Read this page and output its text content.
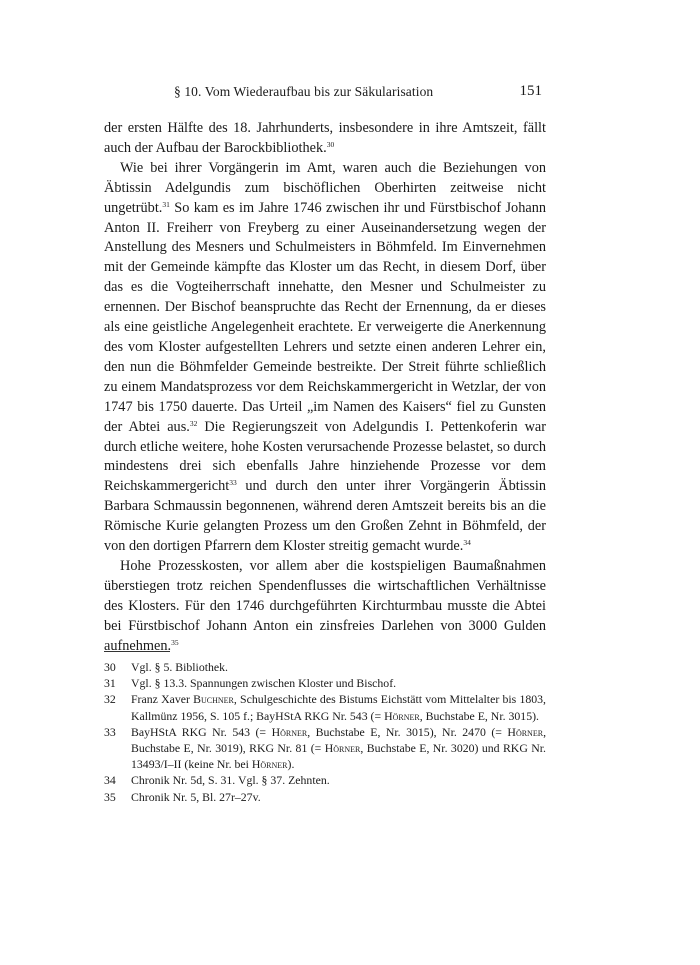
§ 10. Vom Wiederaufbau bis zur Säkularisation	151

der ersten Hälfte des 18. Jahrhunderts, insbesondere in ihre Amtszeit, fällt auch der Aufbau der Barockbibliothek.$^{30}$

Wie bei ihrer Vorgängerin im Amt, waren auch die Beziehungen von Äbtissin Adelgundis zum bischöflichen Oberhirten zeitweise nicht ungetrübt.$^{31}$ So kam es im Jahre 1746 zwischen ihr und Fürstbischof Johann Anton II. Freiherr von Freyberg zu einer Auseinandersetzung wegen der Anstellung des Mesners und Schulmeisters in Böhmfeld. Im Einvernehmen mit der Gemeinde kämpfte das Kloster um das Recht, in diesem Dorf, über das es die Vogteiherrschaft innehatte, den Mesner und Schulmeister zu ernennen. Der Bischof beanspruchte das Recht der Ernennung, da er dieses als eine geistliche Angelegenheit erachtete. Er verweigerte die Anerkennung des vom Kloster aufgestellten Lehrers und setzte einen anderen Lehrer ein, den nun die Böhmfelder Gemeinde bestreikte. Der Streit führte schließlich zu einem Mandatsprozess vor dem Reichskammergericht in Wetzlar, der von 1747 bis 1750 dauerte. Das Urteil „im Namen des Kaisers“ fiel zu Gunsten der Abtei aus.$^{32}$ Die Regierungszeit von Adelgundis I. Pettenkoferin war durch etliche weitere, hohe Kosten verursachende Prozesse belastet, so durch mindestens drei sich ebenfalls Jahre hinziehende Prozesse vor dem Reichskammergericht$^{33}$ und durch den unter ihrer Vorgängerin Äbtissin Barbara Schmaussin begonnenen, während deren Amtszeit bereits bis an die Römische Kurie gelangten Prozess um den Großen Zehnt in Böhmfeld, der von den dortigen Pfarrern dem Kloster streitig gemacht wurde.$^{34}$

Hohe Prozesskosten, vor allem aber die kostspieligen Baumaßnahmen überstiegen trotz reichen Spendenflusses die wirtschaftlichen Verhältnisse des Klosters. Für den 1746 durchgeführten Kirchturmbau musste die Abtei bei Fürstbischof Johann Anton ein zinsfreies Darlehen von 3000 Gulden aufnehmen.$^{35}$

30 Vgl. § 5. Bibliothek.
31 Vgl. § 13.3. Spannungen zwischen Kloster und Bischof.
32 Franz Xaver Buchner, Schulgeschichte des Bistums Eichstätt vom Mittelalter bis 1803, Kallmünz 1956, S. 105 f.; BayHStA RKG Nr. 543 (= Hörner, Buchstabe E, Nr. 3015).
33 BayHStA RKG Nr. 543 (= Hörner, Buchstabe E, Nr. 3015), Nr. 2470 (= Hörner, Buchstabe E, Nr. 3019), RKG Nr. 81 (= Hörner, Buchstabe E, Nr. 3020) und RKG Nr. 13493/I–II (keine Nr. bei Hörner).
34 Chronik Nr. 5d, S. 31. Vgl. § 37. Zehnten.
35 Chronik Nr. 5, Bl. 27r–27v.
